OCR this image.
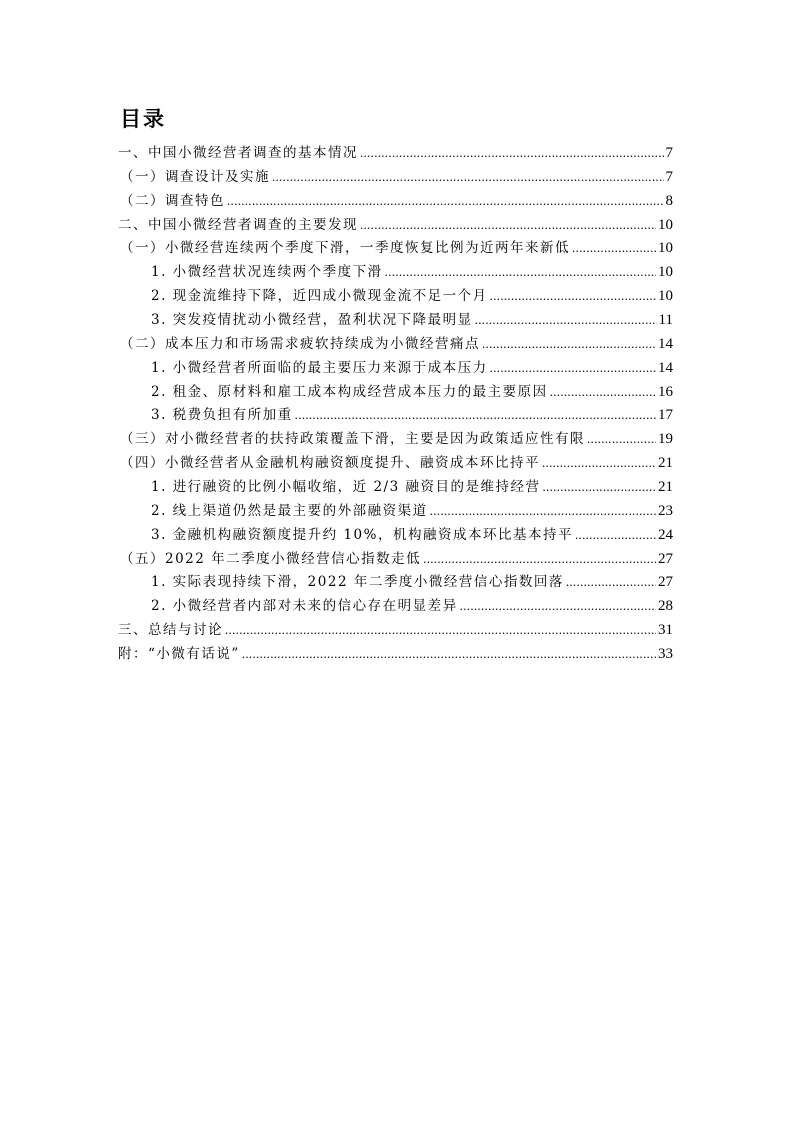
目录
一、中国小微经营者调查的基本情况 .....	7
（一）调查设计及实施 .....	7
（二）调查特色 .....	8
二、中国小微经营者调查的主要发现 .....	10
（一）小微经营连续两个季度下滑，一季度恢复比例为近两年来新低 .....	10
1. 小微经营状况连续两个季度下滑 .....	10
2. 现金流维持下降，近四成小微现金流不足一个月 .....	10
3. 突发疫情扰动小微经营，盈利状况下降最明显 .....	11
（二）成本压力和市场需求疲软持续成为小微经营痛点 .....	14
1. 小微经营者所面临的最主要压力来源于成本压力 .....	14
2. 租金、原材料和雇工成本构成经营成本压力的最主要原因 .....	16
3. 税费负担有所加重 .....	17
（三）对小微经营者的扶持政策覆盖下滑，主要是因为政策适应性有限 .....	19
（四）小微经营者从金融机构融资额度提升、融资成本环比持平 .....	21
1. 进行融资的比例小幅收缩，近 2/3 融资目的是维持经营 .....	21
2. 线上渠道仍然是最主要的外部融资渠道 .....	23
3. 金融机构融资额度提升约 10%，机构融资成本环比基本持平 .....	24
（五）2022 年二季度小微经营信心指数走低 .....	27
1. 实际表现持续下滑，2022 年二季度小微经营信心指数回落 .....	27
2. 小微经营者内部对未来的信心存在明显差异 .....	28
三、总结与讨论 .....	31
附：“小微有话说” .....	33
